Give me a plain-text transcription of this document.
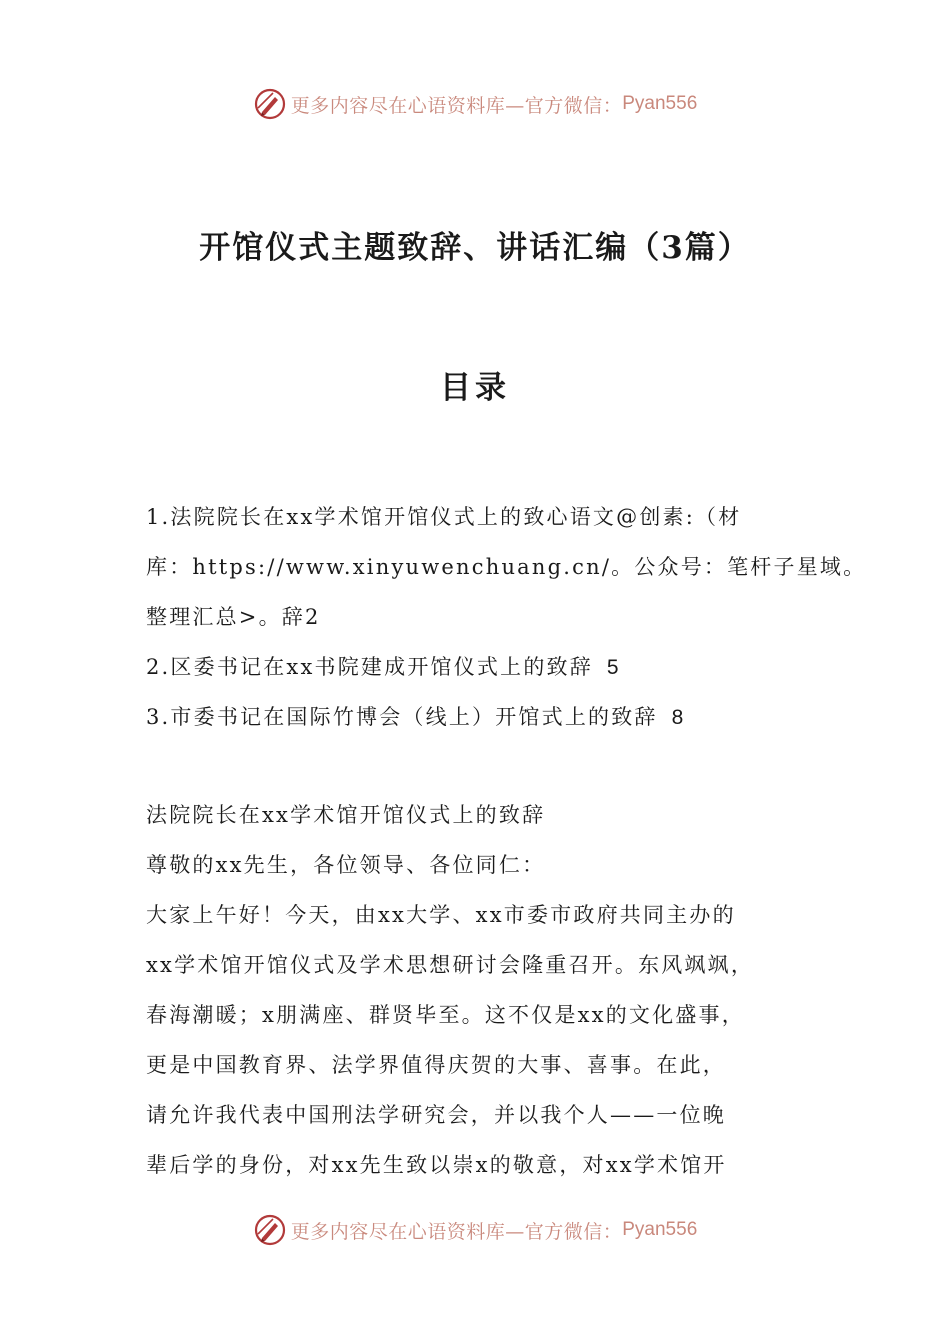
更多内容尽在心语资料库—官方微信： Pyan556
开馆仪式主题致辞、讲话汇编（3篇）
目录
1.法院院长在xx学术馆开馆仪式上的致心语文@创素:（材
库：https://www.xinyuwenchuang.cn/。公众号：笔杆子星域。
整理汇总>。辞2
2.区委书记在xx书院建成开馆仪式上的致辞 5
3.市委书记在国际竹博会（线上）开馆式上的致辞 8
法院院长在xx学术馆开馆仪式上的致辞
尊敬的xx先生，各位领导、各位同仁：
大家上午好！今天，由xx大学、xx市委市政府共同主办的
xx学术馆开馆仪式及学术思想研讨会隆重召开。东风飒飒，
春海潮暖；x朋满座、群贤毕至。这不仅是xx的文化盛事，
更是中国教育界、法学界值得庆贺的大事、喜事。在此，
请允许我代表中国刑法学研究会，并以我个人——一位晚
辈后学的身份，对xx先生致以崇x的敬意，对xx学术馆开
更多内容尽在心语资料库—官方微信： Pyan556
